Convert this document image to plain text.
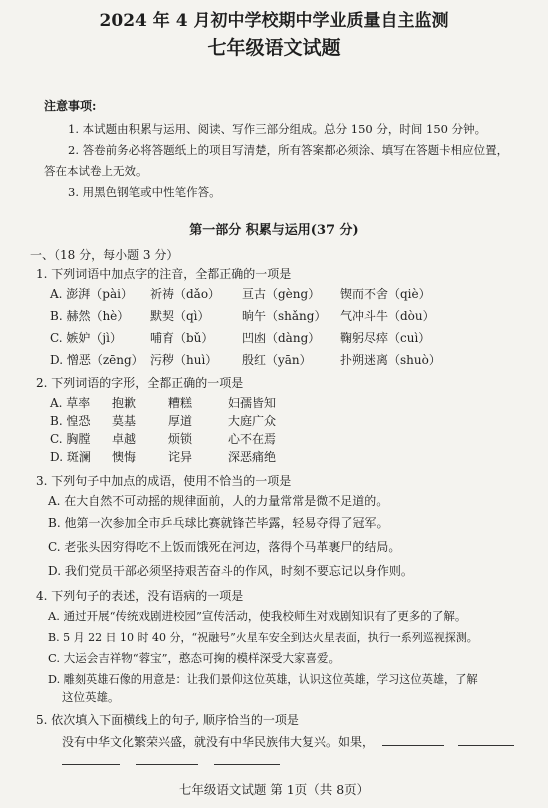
2024 年 4 月初中学校期中学业质量自主监测
七年级语文试题
注意事项:
1. 本试题由积累与运用、阅读、写作三部分组成。总分 150 分，时间 150 分钟。
2. 答卷前务必将答题纸上的项目写清楚，所有答案都必须涂、填写在答题卡相应位置，
答在本试卷上无效。
3. 用黑色钢笔或中性笔作答。
第一部分 积累与运用(37 分)
一、（18 分，每小题 3 分）
1. 下列词语中加点字的注音，全都正确的一项是
A. 澎湃（pài）	祈祷（dǎo）	亘古（gèng）	锲而不舍（qiè）
B. 赫然（hè）	默契（qì）	晌午（shǎng）	气冲斗牛（dòu）
C. 嫉妒（jì）	哺育（bǔ）	凹凼（dàng）	鞠躬尽瘁（cuì）
D. 憎恶（zēng） 污秽（huì）	殷红（yān）	扑朔迷离（shuò）
2. 下列词语的字形，全都正确的一项是
A. 草率	抱歉	糟糕	妇孺皆知
B. 惶恐	莫基	厚道	大庭广众
C. 胸膛	卓越	烦锁	心不在焉
D. 斑澜	懊悔	诧异	深恶痛绝
3. 下列句子中加点的成语，使用不恰当的一项是
A. 在大自然不可动摇的规律面前，人的力量常常是微不足道的。
B. 他第一次参加全市乒乓球比赛就锋芒毕露，轻易夺得了冠军。
C. 老张头因穷得吃不上饭而饿死在河边，落得个马革裹尸的结局。
D. 我们党员干部必须坚持艰苦奋斗的作风，时刻不要忘记以身作则。
4. 下列句子的表述，没有语病的一项是
A. 通过开展“传统戏剧进校园”宣传活动，使我校师生对戏剧知识有了更多的了解。
B. 5 月 22 日 10 时 40 分，“祝融号”火星车安全到达火星表面，执行一系列巡视探测。
C. 大运会吉祥物“蓉宝”，憨态可掬的模样深受大家喜爱。
D. 雕刻英雄石像的用意是：让我们景仰这位英雄，认识这位英雄，学习这位英雄，了解
这位英雄。
5. 依次填入下面横线上的句子, 顺序恰当的一项是
没有中华文化繁荣兴盛，就没有中华民族伟大复兴。如果，

七年级语文试题 第 1页（共 8页）
